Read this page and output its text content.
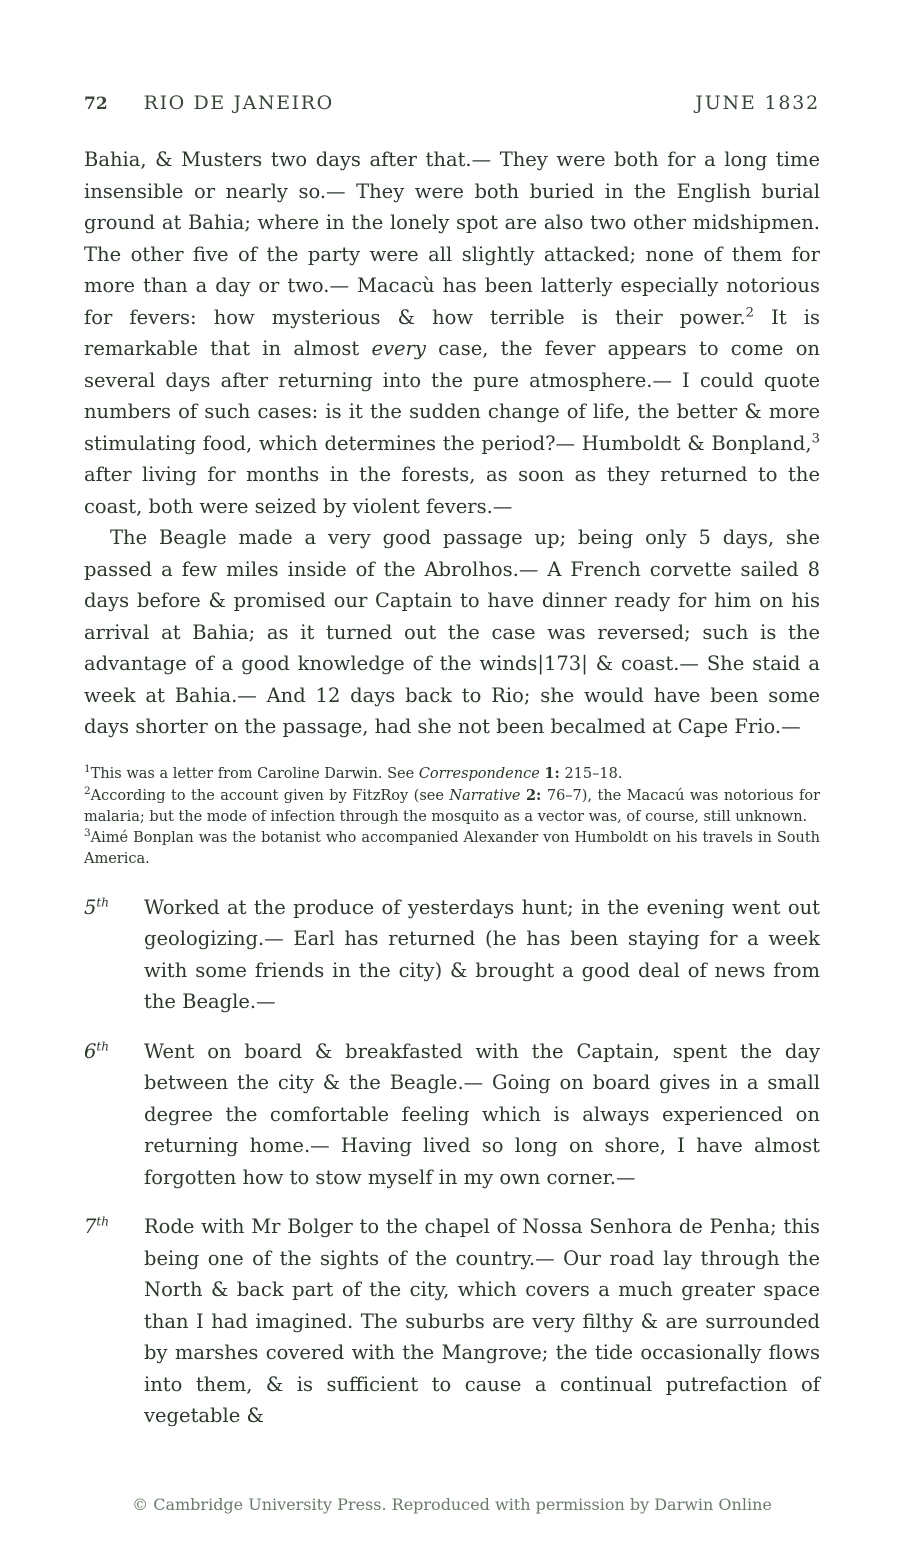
72 RIO DE JANEIRO	JUNE 1832

Bahia, & Musters two days after that.— They were both for a long time insensible or nearly so.— They were both buried in the English burial ground at Bahia; where in the lonely spot are also two other midshipmen. The other five of the party were all slightly attacked; none of them for more than a day or two.— Macacù has been latterly especially notorious for fevers: how mysterious & how terrible is their power.$^2$ It is remarkable that in almost every case, the fever appears to come on several days after returning into the pure atmosphere.— I could quote numbers of such cases: is it the sudden change of life, the better & more stimulating food, which determines the period?— Humboldt & Bonpland,$^3$ after living for months in the forests, as soon as they returned to the coast, both were seized by violent fevers.—

The Beagle made a very good passage up; being only 5 days, she passed a few miles inside of the Abrolhos.— A French corvette sailed 8 days before & promised our Captain to have dinner ready for him on his arrival at Bahia; as it turned out the case was reversed; such is the advantage of a good knowledge of the winds|173| & coast.— She staid a week at Bahia.— And 12 days back to Rio; she would have been some days shorter on the passage, had she not been becalmed at Cape Frio.—

$^1$This was a letter from Caroline Darwin. See Correspondence 1: 215–18.

$^2$According to the account given by FitzRoy (see Narrative 2: 76–7), the Macacú was notorious for malaria; but the mode of infection through the mosquito as a vector was, of course, still unknown.

$^3$Aimé Bonplan was the botanist who accompanied Alexander von Humboldt on his travels in South America.

5th Worked at the produce of yesterdays hunt; in the evening went out geologizing.— Earl has returned (he has been staying for a week with some friends in the city) & brought a good deal of news from the Beagle.—
6th Went on board & breakfasted with the Captain, spent the day between the city & the Beagle.— Going on board gives in a small degree the comfortable feeling which is always experienced on returning home.— Having lived so long on shore, I have almost forgotten how to stow myself in my own corner.—
7th Rode with Mr Bolger to the chapel of Nossa Senhora de Penha; this being one of the sights of the country.— Our road lay through the North & back part of the city, which covers a much greater space than I had imagined. The suburbs are very filthy & are surrounded by marshes covered with the Mangrove; the tide occasionally flows into them, & is sufficient to cause a continual putrefaction of vegetable &
© Cambridge University Press. Reproduced with permission by Darwin Online
